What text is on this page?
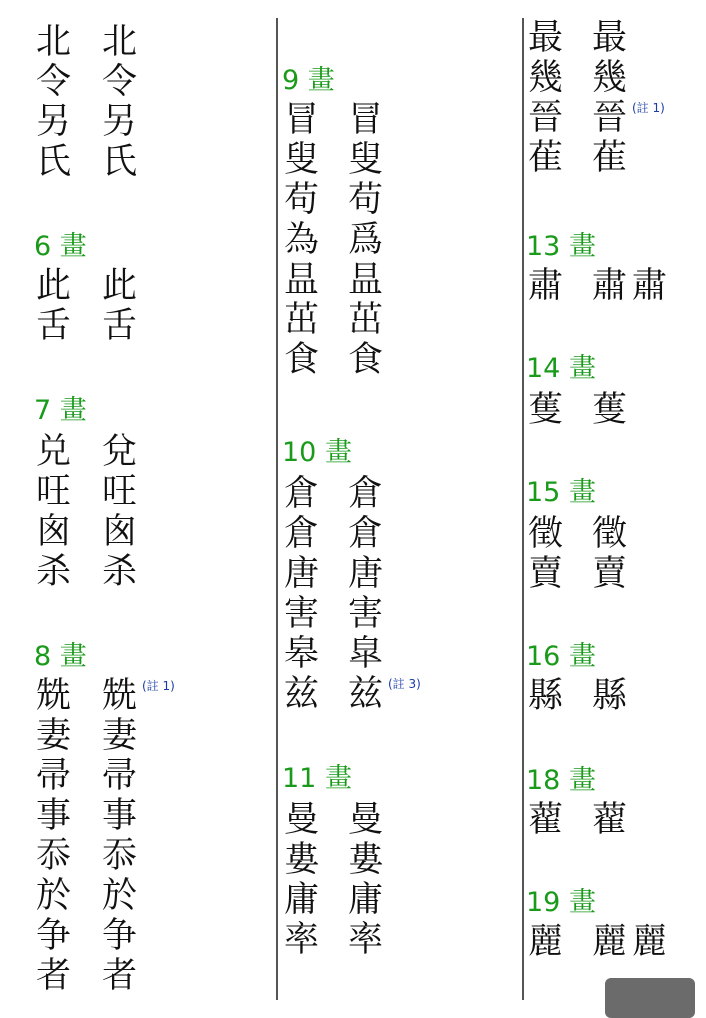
北 北
令 令
另 另
氏 氏
6 畫
此 此
舌 舌
7 畫
兑 兌
㕵 㕵
囪 囪
杀 杀
8 畫
兟 兟 (註 1)
妻 妻
帚 帚
事 事
忝 忝
於 於
争 争
者 者
9 畫
冒 冒
叟 叟
苟 苟
為 爲
昷 昷
茁 茁
食 食
10 畫
倉 倉
倉 倉
唐 唐
害 害
皋 皐
兹 兹 (註 3)
11 畫
曼 曼
婁 婁
庸 庸
率 率
最 最
幾 幾
晉 晉 (註 1)
萑 萑
13 畫
肅 肅 肅
14 畫
蒦 蒦
15 畫
徵 徵
賣 賣
16 畫
縣 縣
18 畫
藋 藋
19 畫
麗 麗 麗
